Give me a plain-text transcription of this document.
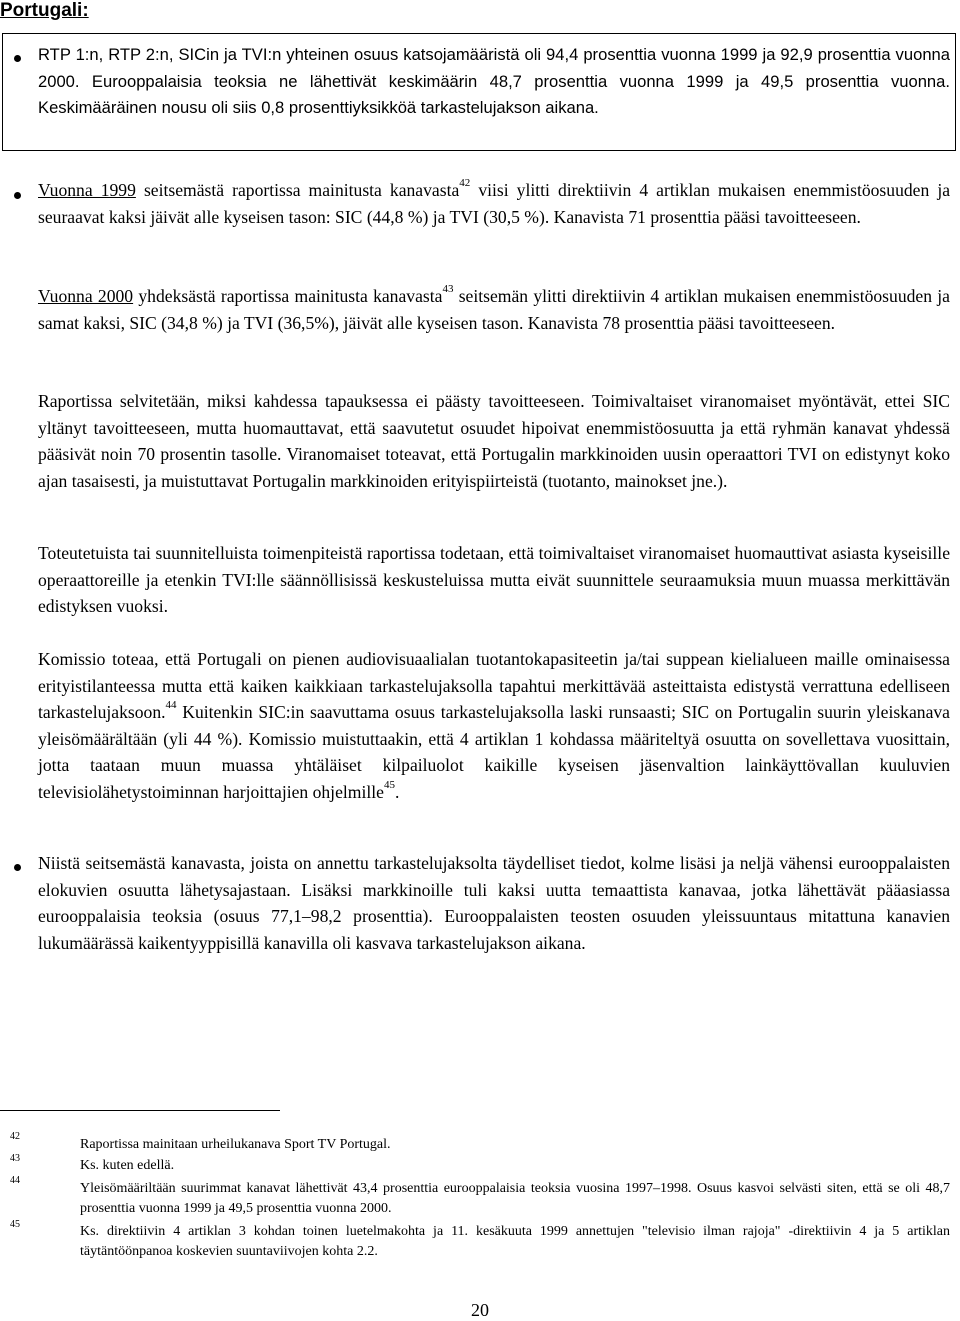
Portugali:
RTP 1:n, RTP 2:n, SICin ja TVI:n yhteinen osuus katsojamääristä oli 94,4 prosenttia vuonna 1999 ja 92,9 prosenttia vuonna 2000. Eurooppalaisia teoksia ne lähettivät keskimäärin 48,7 prosenttia vuonna 1999 ja 49,5 prosenttia vuonna. Keskimääräinen nousu oli siis 0,8 prosenttiyksikköä tarkastelujakson aikana.
Vuonna 1999 seitsemästä raportissa mainitusta kanavasta$^{42}$ viisi ylitti direktiivin 4 artiklan mukaisen enemmistöosuuden ja seuraavat kaksi jäivät alle kyseisen tason: SIC (44,8 %) ja TVI (30,5 %). Kanavista 71 prosenttia pääsi tavoitteeseen.
Vuonna 2000 yhdeksästä raportissa mainitusta kanavasta$^{43}$ seitsemän ylitti direktiivin 4 artiklan mukaisen enemmistöosuuden ja samat kaksi, SIC (34,8 %) ja TVI (36,5%), jäivät alle kyseisen tason. Kanavista 78 prosenttia pääsi tavoitteeseen.
Raportissa selvitetään, miksi kahdessa tapauksessa ei päästy tavoitteeseen. Toimivaltaiset viranomaiset myöntävät, ettei SIC yltänyt tavoitteeseen, mutta huomauttavat, että saavutetut osuudet hipoivat enemmistöosuutta ja että ryhmän kanavat yhdessä pääsivät noin 70 prosentin tasolle. Viranomaiset toteavat, että Portugalin markkinoiden uusin operaattori TVI on edistynyt koko ajan tasaisesti, ja muistuttavat Portugalin markkinoiden erityispiirteistä (tuotanto, mainokset jne.).
Toteutetuista tai suunnitelluista toimenpiteistä raportissa todetaan, että toimivaltaiset viranomaiset huomauttivat asiasta kyseisille operaattoreille ja etenkin TVI:lle säännöllisissä keskusteluissa mutta eivät suunnittele seuraamuksia muun muassa merkittävän edistyksen vuoksi.
Komissio toteaa, että Portugali on pienen audiovisuaalialan tuotantokapasiteetin ja/tai suppean kielialueen maille ominaisessa erityistilanteessa mutta että kaiken kaikkiaan tarkastelujaksolla tapahtui merkittävää asteittaista edistystä verrattuna edelliseen tarkastelujaksoon.$^{44}$ Kuitenkin SIC:in saavuttama osuus tarkastelujaksolla laski runsaasti; SIC on Portugalin suurin yleiskanava yleisömäärältään (yli 44 %). Komissio muistuttaakin, että 4 artiklan 1 kohdassa määriteltyä osuutta on sovellettava vuosittain, jotta taataan muun muassa yhtäläiset kilpailuolot kaikille kyseisen jäsenvaltion lainkäyttövallan kuuluvien televisiolähetystoiminnan harjoittajien ohjelmille$^{45}$.
Niistä seitsemästä kanavasta, joista on annettu tarkastelujaksolta täydelliset tiedot, kolme lisäsi ja neljä vähensi eurooppalaisten elokuvien osuutta lähetysajastaan. Lisäksi markkinoille tuli kaksi uutta temaattista kanavaa, jotka lähettävät pääasiassa eurooppalaisia teoksia (osuus 77,1–98,2 prosenttia). Eurooppalaisten teosten osuuden yleissuuntaus mitattuna kanavien lukumäärässä kaikentyyppisillä kanavilla oli kasvava tarkastelujakson aikana.
42
Raportissa mainitaan urheilukanava Sport TV Portugal.
43	Ks. kuten edellä.
44
Yleisömääriltään suurimmat kanavat lähettivät 43,4 prosenttia eurooppalaisia teoksia vuosina 1997–1998. Osuus kasvoi selvästi siten, että se oli 48,7 prosenttia vuonna 1999 ja 49,5 prosenttia vuonna 2000.
45	Ks. direktiivin 4 artiklan 3 kohdan toinen luetelmakohta ja 11. kesäkuuta 1999 annettujen "televisio ilman rajoja" -direktiivin 4 ja 5 artiklan täytäntöönpanoa koskevien suuntaviivojen kohta 2.2.
20
